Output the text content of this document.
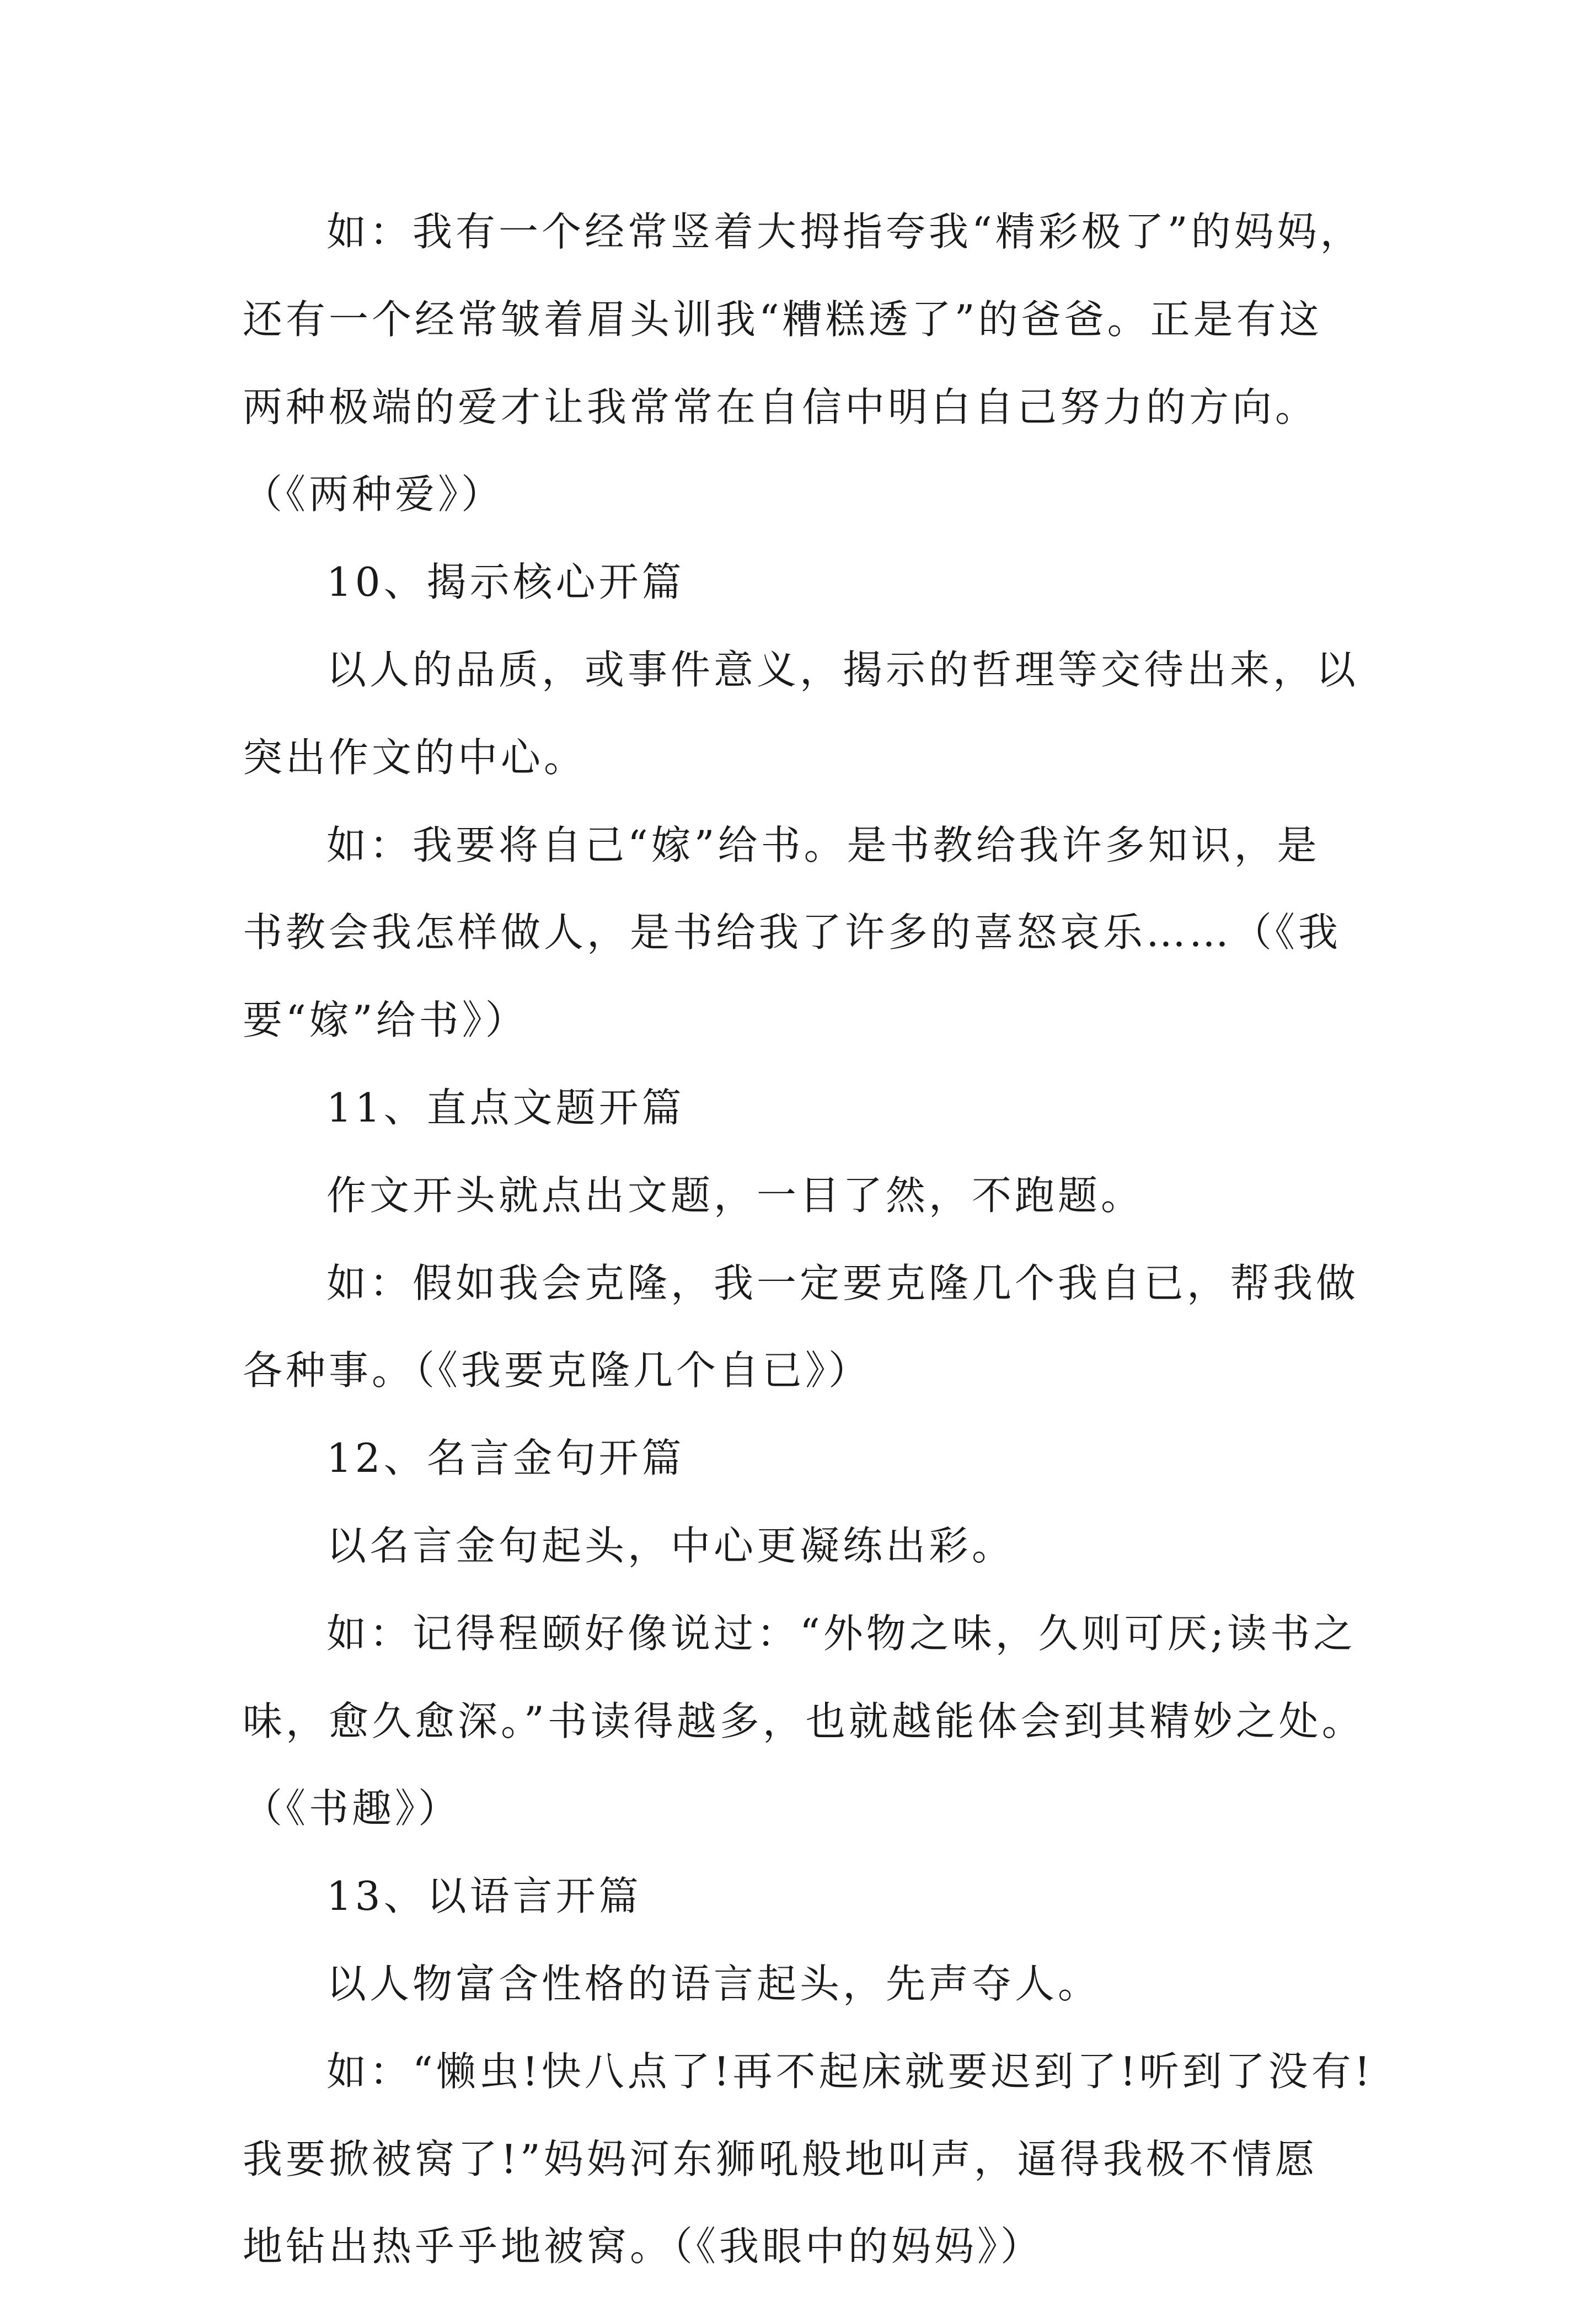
如：我有一个经常竖着大拇指夸我“精彩极了”的妈妈，
还有一个经常皱着眉头训我“糟糕透了”的爸爸。正是有这
两种极端的爱才让我常常在自信中明白自己努力的方向。
（《两种爱》）
10、揭示核心开篇
以人的品质，或事件意义，揭示的哲理等交待出来，以
突出作文的中心。
如：我要将自己“嫁”给书。是书教给我许多知识，是
书教会我怎样做人，是书给我了许多的喜怒哀乐……（《我
要“嫁”给书》）
11、直点文题开篇
作文开头就点出文题，一目了然，不跑题。
如：假如我会克隆，我一定要克隆几个我自已，帮我做
各种事。（《我要克隆几个自已》）
12、名言金句开篇
以名言金句起头，中心更凝练出彩。
如：记得程颐好像说过：“外物之味，久则可厌;读书之
味，愈久愈深。”书读得越多，也就越能体会到其精妙之处。
（《书趣》）
13、以语言开篇
以人物富含性格的语言起头，先声夺人。
如：“懒虫!快八点了!再不起床就要迟到了!听到了没有!
我要掀被窝了!”妈妈河东狮吼般地叫声，逼得我极不情愿
地钻出热乎乎地被窝。（《我眼中的妈妈》）
